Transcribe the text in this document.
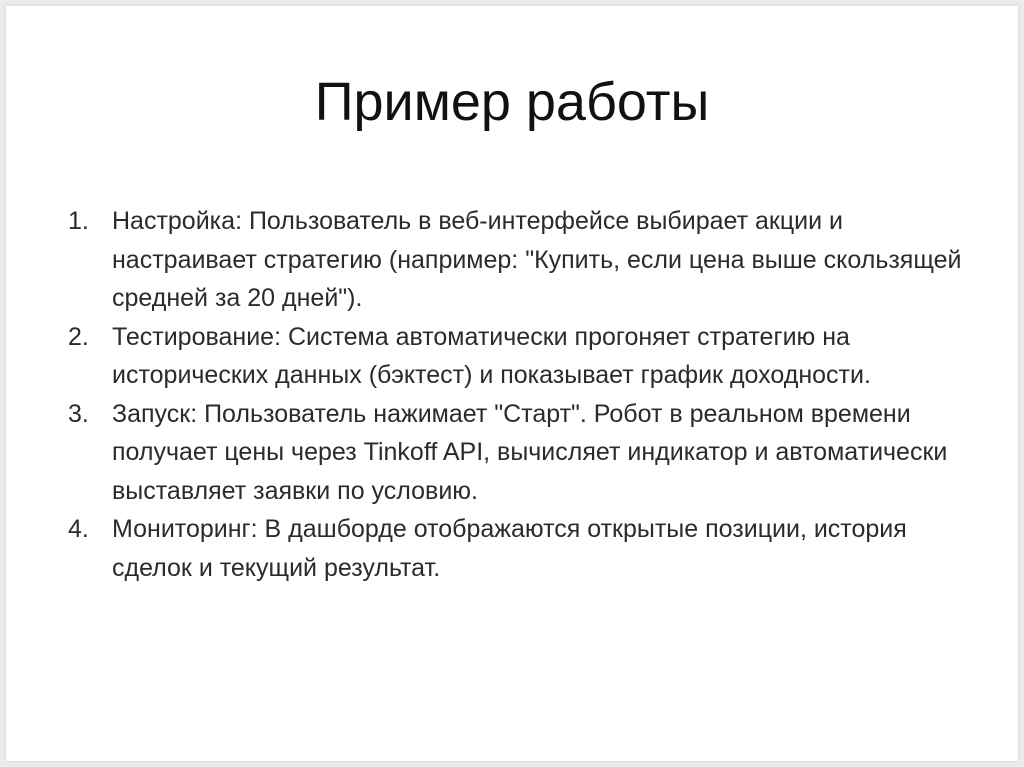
Пример работы
1. Настройка: Пользователь в веб-интерфейсе выбирает акции и настраивает стратегию (например: "Купить, если цена выше скользящей средней за 20 дней").
2. Тестирование: Система автоматически прогоняет стратегию на исторических данных (бэктест) и показывает график доходности.
3. Запуск: Пользователь нажимает "Старт". Робот в реальном времени получает цены через Tinkoff API, вычисляет индикатор и автоматически выставляет заявки по условию.
4. Мониторинг: В дашборде отображаются открытые позиции, история сделок и текущий результат.
